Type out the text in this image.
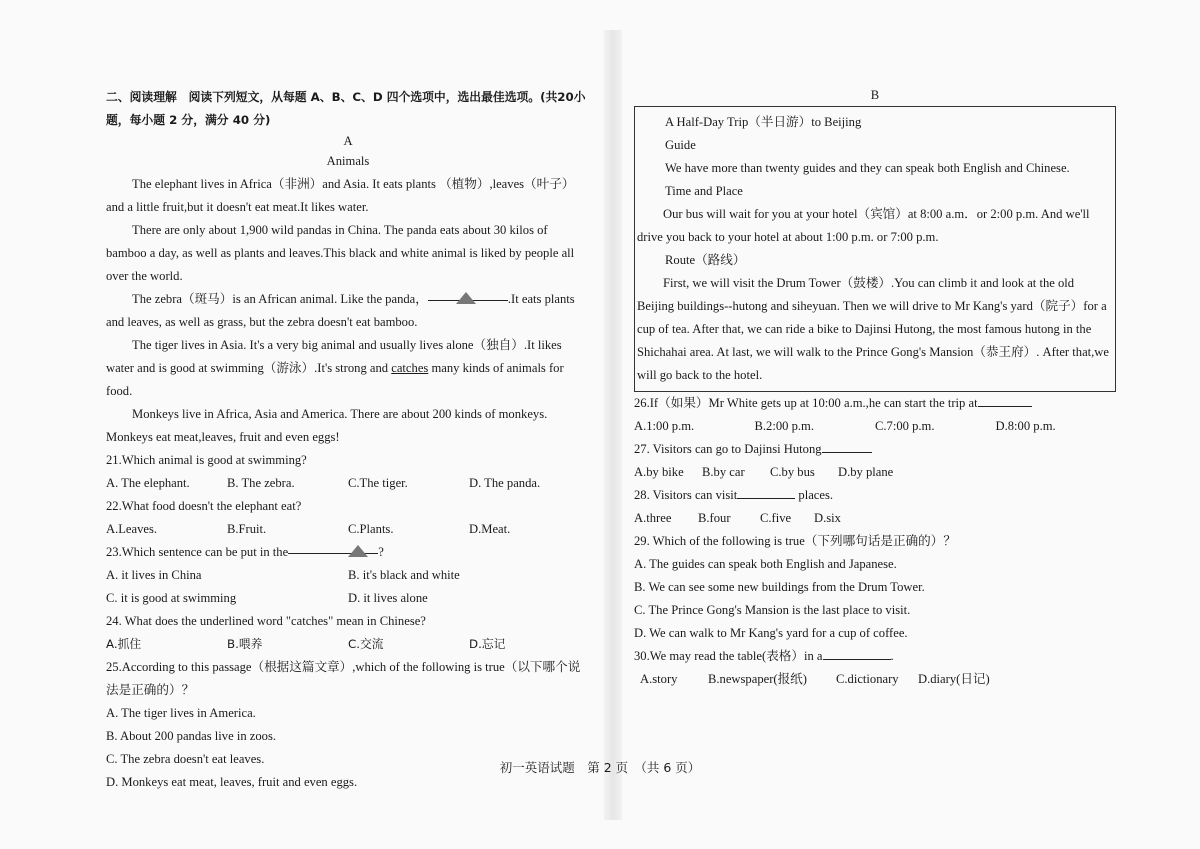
二、阅读理解　阅读下列短文，从每题 A、B、C、D 四个选项中，选出最佳选项。(共20小题，每小题 2 分，满分 40 分)

A

Animals

The elephant lives in Africa（非洲）and Asia. It eats plants （植物）,leaves（叶子）and a little fruit,but it doesn't eat meat.It likes water.

There are only about 1,900 wild pandas in China. The panda eats about 30 kilos of bamboo a day, as well as plants and leaves.This black and white animal is liked by people all over the world.

The zebra（斑马）is an African animal. Like the panda，	.It eats plants and leaves, as well as grass, but the zebra doesn't eat bamboo.

The tiger lives in Asia. It's a very big animal and usually lives alone（独自）.It likes water and is good at swimming（游泳）.It's strong and catches many kinds of animals for food.

Monkeys live in Africa, Asia and America. There are about 200 kinds of monkeys. Monkeys eat meat,leaves, fruit and even eggs!

21.Which animal is good at swimming?

A. The elephant.	B. The zebra.	C.The tiger.	D. The panda.

22.What food doesn't the elephant eat?

A.Leaves.	B.Fruit.	C.Plants.	D.Meat.

23.Which sentence can be put in the	?

A. it lives in China	B. it's black and white
C. it is good at swimming	D. it lives alone

24. What does the underlined word "catches" mean in Chinese?

A.抓住	B.喂养	C.交流	D.忘记

25.According to this passage（根据这篇文章）,which of the following is true（以下哪个说法是正确的）？

A. The tiger lives in America.

B. About 200 pandas live in zoos.

C. The zebra doesn't eat leaves.

D. Monkeys eat meat, leaves, fruit and even eggs.

B

A Half-Day Trip（半日游）to Beijing

Guide

We have more than twenty guides and they can speak both English and Chinese.

Time and Place

Our bus will wait for you at your hotel（宾馆）at 8:00 a.m．or 2:00 p.m. And we'll drive you back to your hotel at about 1:00 p.m. or 7:00 p.m.

Route（路线）

First, we will visit the Drum Tower（鼓楼）.You can climb it and look at the old Beijing buildings--hutong and siheyuan. Then we will drive to Mr Kang's yard（院子）for a cup of tea. After that, we can ride a bike to Dajinsi Hutong, the most famous hutong in the Shichahai area. At last, we will walk to the Prince Gong's Mansion（恭王府）. After that,we will go back to the hotel.

26.If（如果）Mr White gets up at 10:00 a.m.,he can start the trip at

A.1:00 p.m.	B.2:00 p.m.	C.7:00 p.m.	D.8:00 p.m.

27. Visitors can go to Dajinsi Hutong

A.by bike	B.by car	C.by bus	D.by plane

28. Visitors can visit	places.

A.three	B.four	C.five	D.six

29. Which of the following is true（下列哪句话是正确的）？

A. The guides can speak both English and Japanese.

B. We can see some new buildings from the Drum Tower.

C. The Prince Gong's Mansion is the last place to visit.

D. We can walk to Mr Kang's yard for a cup of coffee.

30.We may read the table(表格）in a	.

A.story	B.newspaper(报纸)	C.dictionary	D.diary(日记)
初一英语试题　第 2 页　（共 6 页）
